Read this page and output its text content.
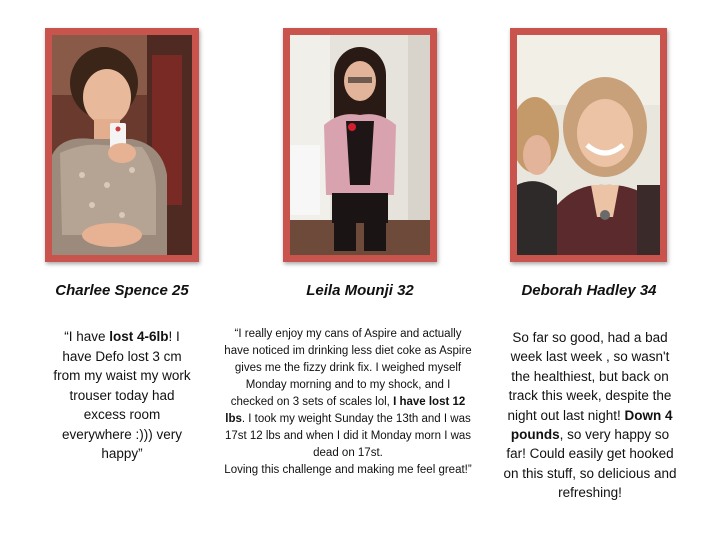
Charlee Spence 25	Leila Mounji 32	Deborah Hadley 34
“I have lost 4-6lb! I have Defo lost 3 cm from my waist my work trouser today had excess room everywhere :))) very happy”
“I really enjoy my cans of Aspire and actually have noticed im drinking less diet coke as Aspire gives me the fizzy drink fix. I weighed myself Monday morning and to my shock, and I checked on 3 sets of scales lol, I have lost 12 lbs. I took my weight Sunday the 13th and I was 17st 12 lbs and when I did it Monday morn I was dead on 17st.
Loving this challenge and making me feel great!”
So far so good, had a bad week last week , so wasn't the healthiest, but back on track this week, despite the night out last night! Down 4 pounds, so very happy so far! Could easily get hooked on this stuff, so delicious and refreshing!
